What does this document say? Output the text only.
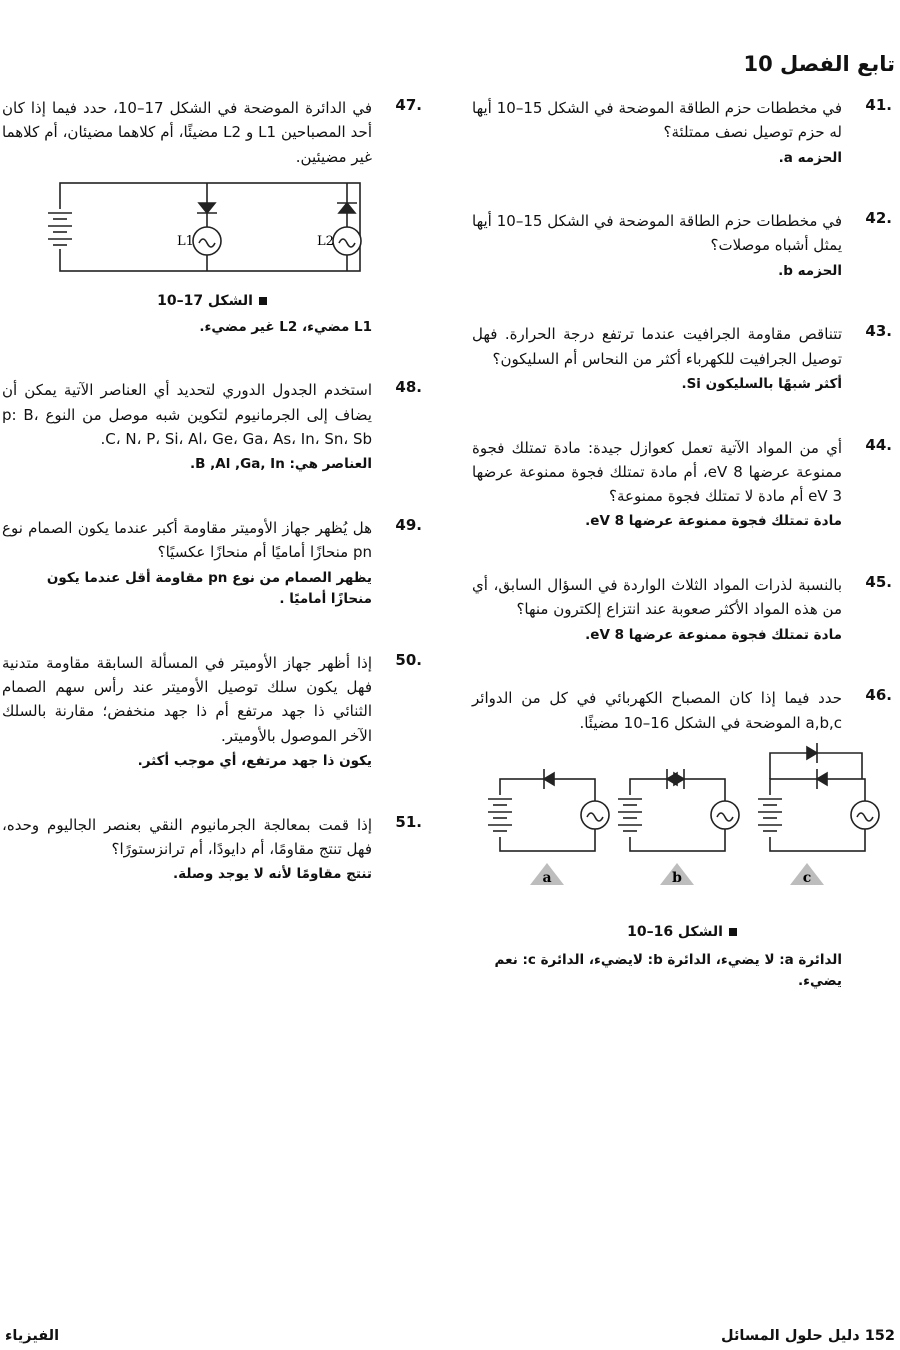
تابع الفصل 10
41.
في مخططات حزم الطاقة الموضحة في الشكل 15–10 أيها له حزم توصيل نصف ممتلئة؟
الحزمه a.
42.
في مخططات حزم الطاقة الموضحة في الشكل 15–10 أيها يمثل أشباه موصلات؟
الحزمه b.
43.
تتناقص مقاومة الجرافيت عندما ترتفع درجة الحرارة. فهل توصيل الجرافيت للكهرباء أكثر من النحاس أم السليكون؟
أكثر شبهًا بالسليكون Si.
44.
أي من المواد الآتية تعمل كعوازل جيدة: مادة تمتلك فجوة ممنوعة عرضها 8 eV، أم مادة تمتلك فجوة ممنوعة عرضها 3 eV أم مادة لا تمتلك فجوة ممنوعة؟
مادة تمتلك فجوة ممنوعة عرضها 8 eV.
45.
بالنسبة لذرات المواد الثلاث الواردة في السؤال السابق، أي من هذه المواد الأكثر صعوبة عند انتزاع إلكترون منها؟
مادة تمتلك فجوة ممنوعة عرضها 8 eV.
46.
حدد فيما إذا كان المصباح الكهربائي في كل من الدوائر a,b,c الموضحة في الشكل 16–10 مضيئًا.
a	b	c
الشكل 16–10
الدائرة a: لا يضيء، الدائرة b: لايضيء، الدائرة c: نعم يضيء.
47.
في الدائرة الموضحة في الشكل 17–10، حدد فيما إذا كان أحد المصباحين L1 و L2 مضيئًا، أم كلاهما مضيئان، أم كلاهما غير مضيئين.
L1	L2
الشكل 17–10
L1 مضيء، L2 غير مضيء.
48.
استخدم الجدول الدوري لتحديد أي العناصر الآتية يمكن أن يضاف إلى الجرمانيوم لتكوين شبه موصل من النوع p: B، C، N، P، Si، Al، Ge، Ga، As، In، Sn، Sb.
العناصر هي: B ,Al ,Ga, In.
49.
هل يُظهر جهاز الأوميتر مقاومة أكبر عندما يكون الصمام نوع pn منحازًا أماميًا أم منحازًا عكسيًا؟
يظهر الصمام من نوع pn مقاومة أقل عندما يكون منحازًا أماميًا .
50.
إذا أظهر جهاز الأوميتر في المسألة السابقة مقاومة متدنية فهل يكون سلك توصيل الأوميتر عند رأس سهم الصمام الثنائي ذا جهد مرتفع أم ذا جهد منخفض؛ مقارنة بالسلك الآخر الموصول بالأوميتر.
يكون ذا جهد مرتفع، أي موجب أكثر.
51.
إذا قمت بمعالجة الجرمانيوم النقي بعنصر الجاليوم وحده، فهل تنتج مقاومًا، أم دايودًا، أم ترانزستورًا؟
تنتج مقاومًا لأنه لا يوجد وصلة.
152 دليل حلول المسائل
الفيزياء
